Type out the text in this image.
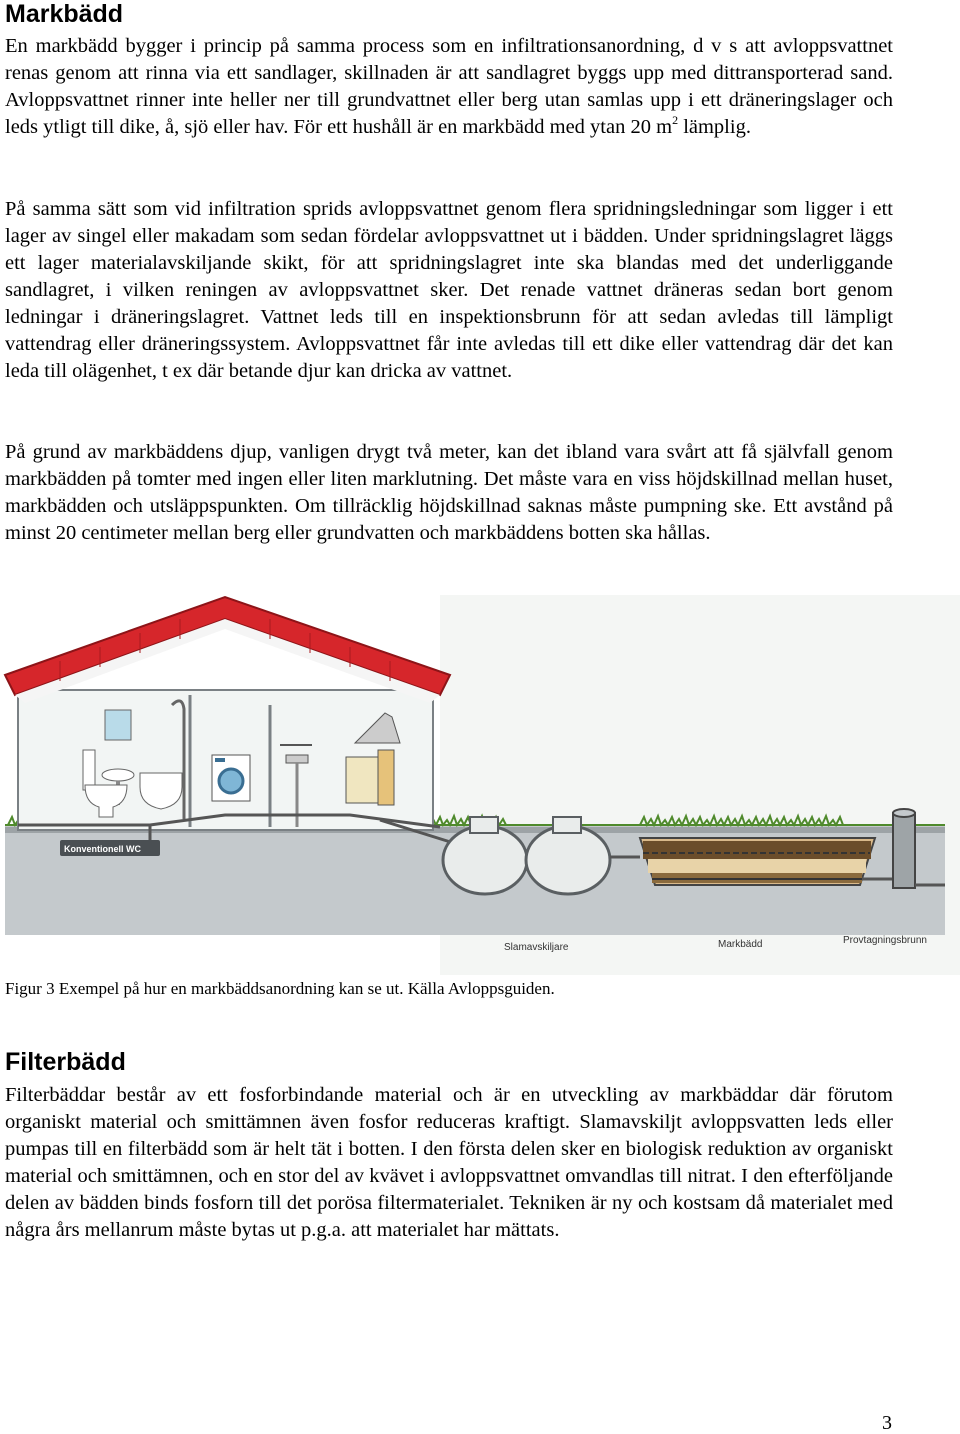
Markbädd

En markbädd bygger i princip på samma process som en infiltrationsanordning, d v s att avloppsvattnet renas genom att rinna via ett sandlager, skillnaden är att sandlagret byggs upp med dittransporterad sand. Avloppsvattnet rinner inte heller ner till grundvattnet eller berg utan samlas upp i ett dräneringslager och leds ytligt till dike, å, sjö eller hav. För ett hushåll är en markbädd med ytan 20 $m^2$ lämplig.

På samma sätt som vid infiltration sprids avloppsvattnet genom flera spridningsledningar som ligger i ett lager av singel eller makadam som sedan fördelar avloppsvattnet ut i bädden. Under spridningslagret läggs ett lager materialavskiljande skikt, för att spridningslagret inte ska blandas med det underliggande sandlagret, i vilken reningen av avloppsvattnet sker. Det renade vattnet dräneras sedan bort genom ledningar i dräneringslagret. Vattnet leds till en inspektionsbrunn för att sedan avledas till lämpligt vattendrag eller dräneringssystem. Avloppsvattnet får inte avledas till ett dike eller vattendrag där det kan leda till olägenhet, t ex där betande djur kan dricka av vattnet.

På grund av markbäddens djup, vanligen drygt två meter, kan det ibland vara svårt att få självfall genom markbädden på tomter med ingen eller liten marklutning. Det måste vara en viss höjdskillnad mellan huset, markbädden och utsläppspunkten. Om tillräcklig höjdskillnad saknas måste pumpning ske. Ett avstånd på minst 20 centimeter mellan berg eller grundvatten och markbäddens botten ska hållas.

Konventionell WC
Slamavskiljare	Markbädd	Provtagningsbrunn

Figur 3 Exempel på hur en markbäddsanordning kan se ut. Källa Avloppsguiden.

Filterbädd

Filterbäddar består av ett fosforbindande material och är en utveckling av markbäddar där förutom organiskt material och smittämnen även fosfor reduceras kraftigt. Slamavskiljt avloppsvatten leds eller pumpas till en filterbädd som är helt tät i botten. I den första delen sker en biologisk reduktion av organiskt material och smittämnen, och en stor del av kvävet i avloppsvattnet omvandlas till nitrat. I den efterföljande delen av bädden binds fosforn till det porösa filtermaterialet. Tekniken är ny och kostsam då materialet med några års mellanrum måste bytas ut p.g.a. att materialet har mättats.

3
